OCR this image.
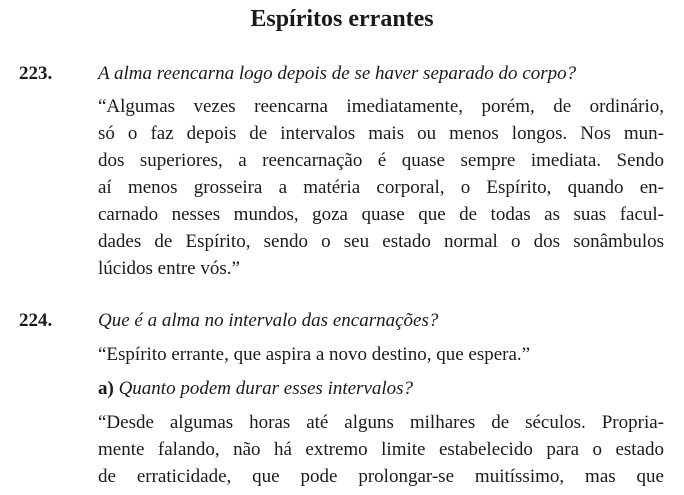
Espíritos errantes
223. A alma reencarna logo depois de se haver separado do corpo?
“Algumas vezes reencarna imediatamente, porém, de ordinário,
só o faz depois de intervalos mais ou menos longos. Nos mun-
dos superiores, a reencarnação é quase sempre imediata. Sendo
aí menos grosseira a matéria corporal, o Espírito, quando en-
carnado nesses mundos, goza quase que de todas as suas facul-
dades de Espírito, sendo o seu estado normal o dos sonâmbulos
lúcidos entre vós.”
224. Que é a alma no intervalo das encarnações?
“Espírito errante, que aspira a novo destino, que espera.”
a) Quanto podem durar esses intervalos?
“Desde algumas horas até alguns milhares de séculos. Propria-
mente falando, não há extremo limite estabelecido para o estado
de erraticidade, que pode prolongar-se muitíssimo, mas que
